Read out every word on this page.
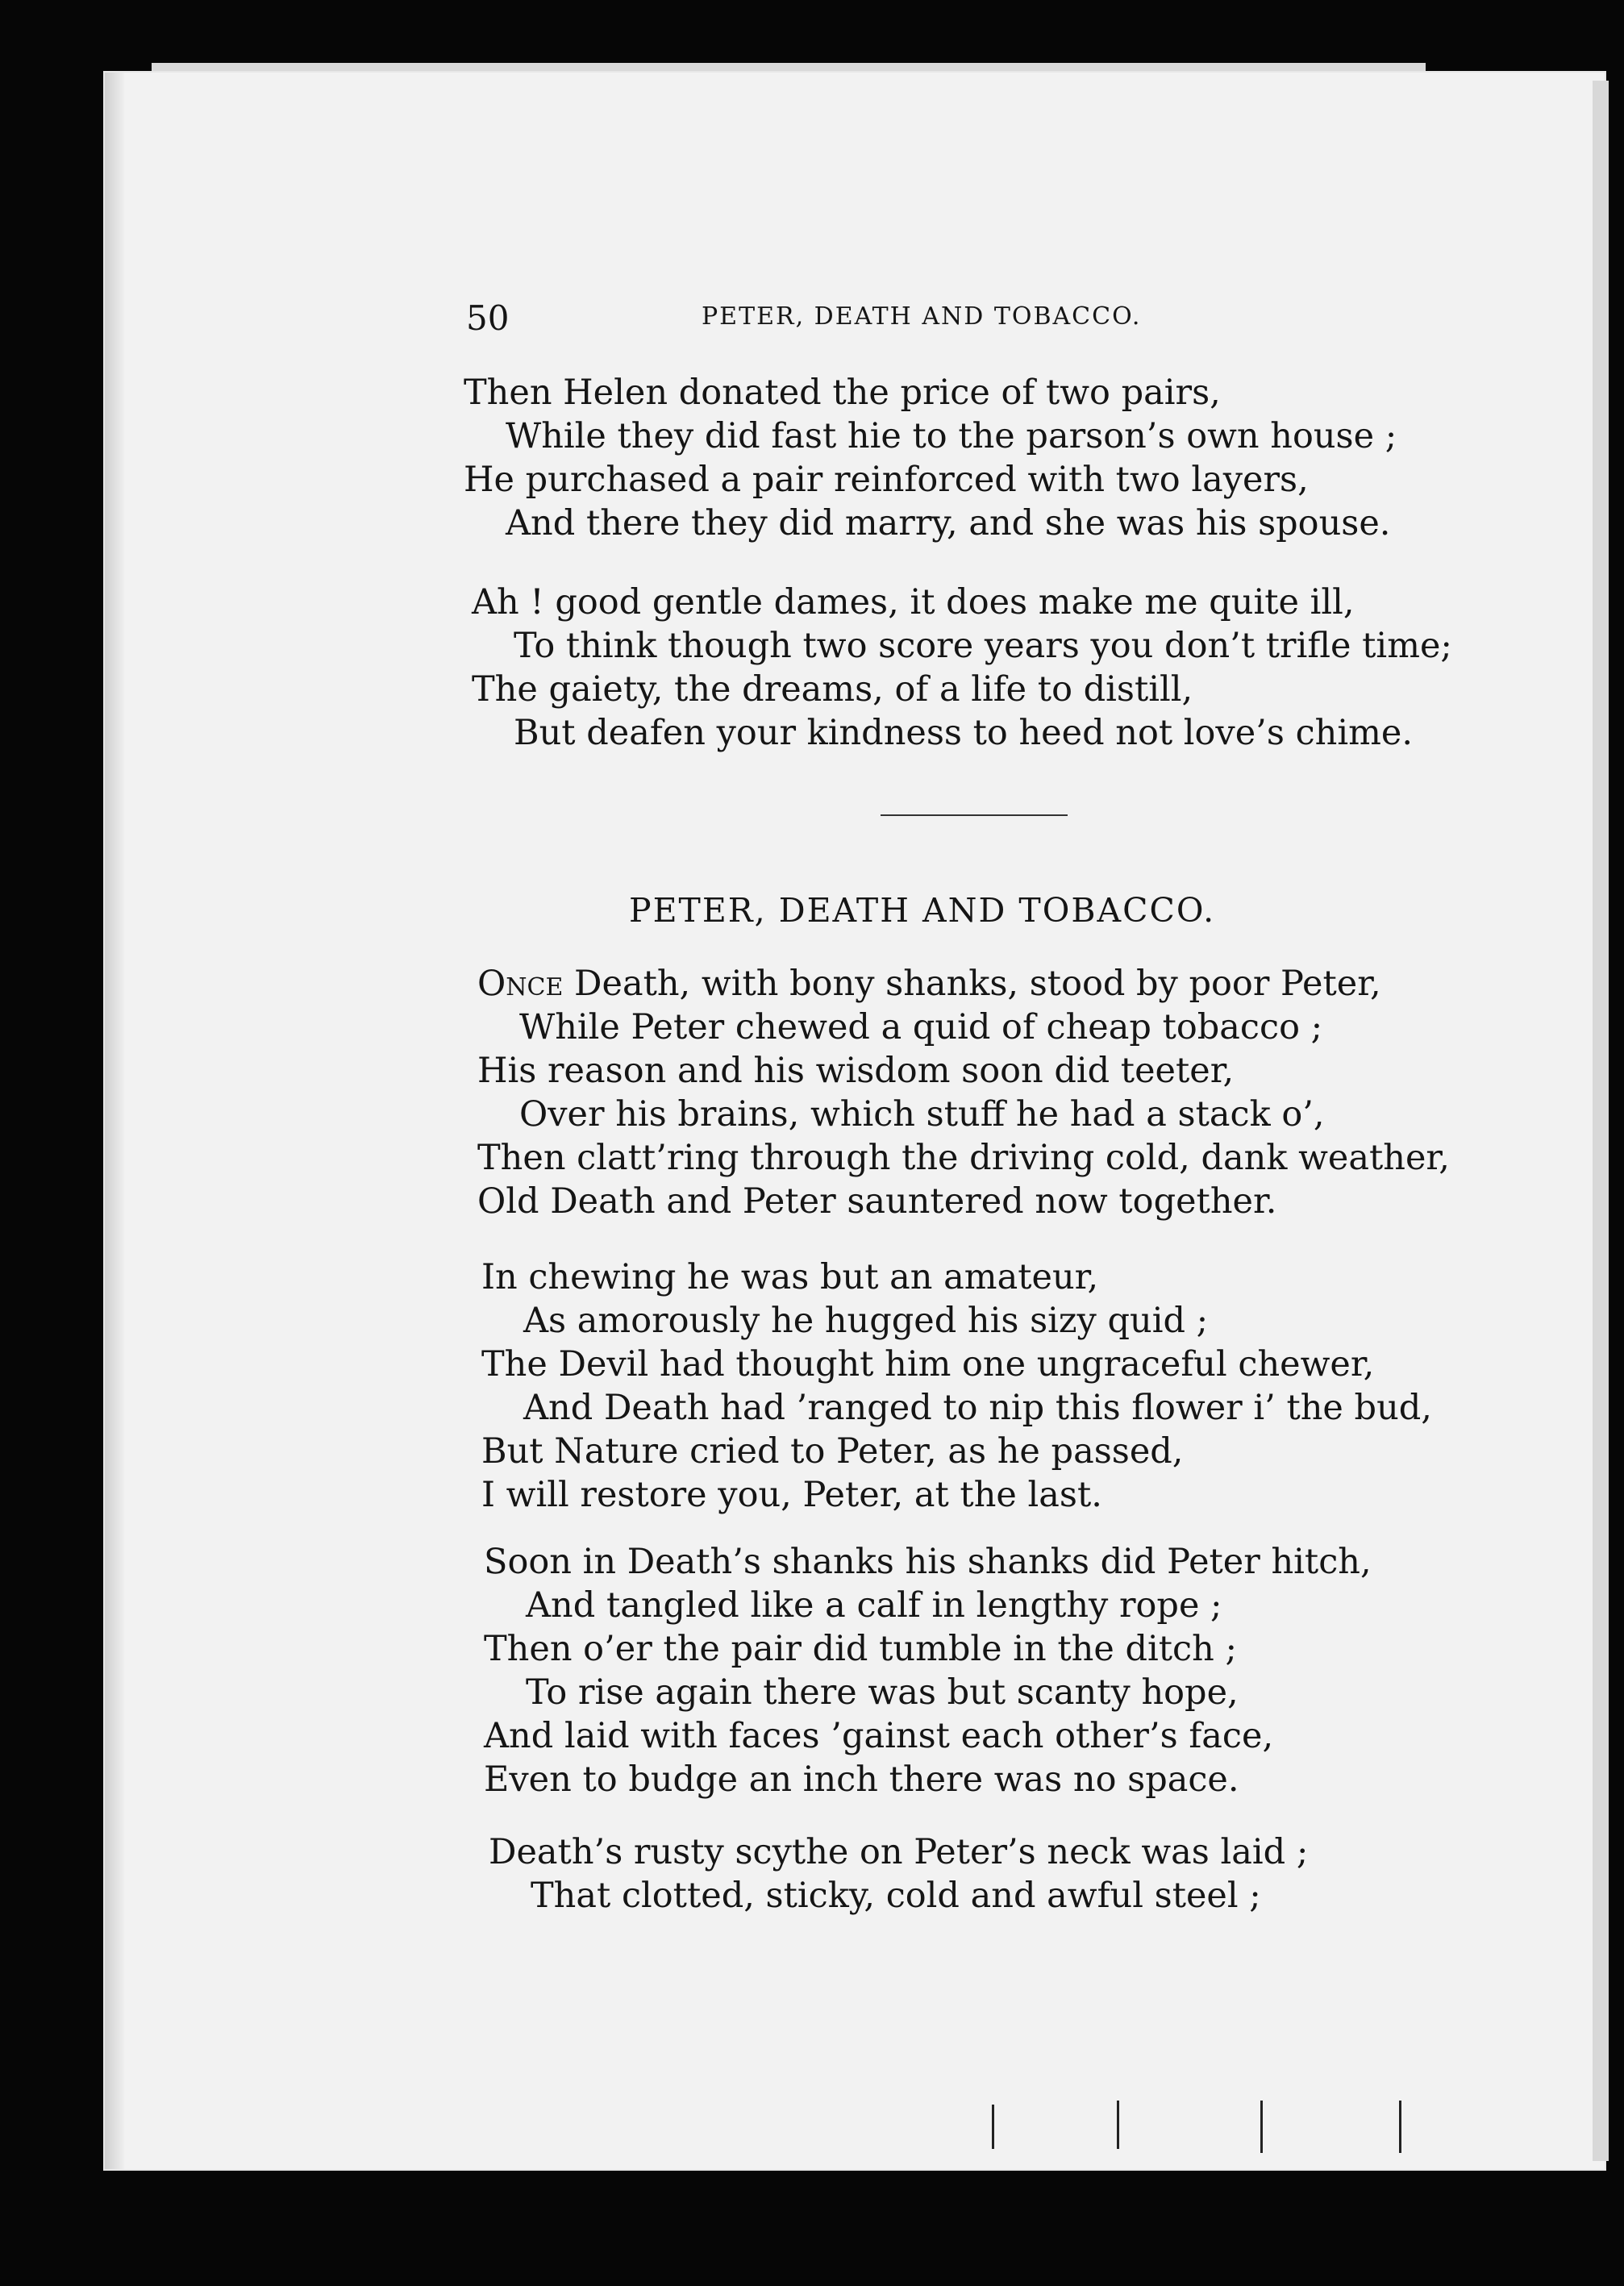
50	PETER, DEATH AND TOBACCO.
Then Helen donated the price of two pairs,
While they did fast hie to the parson’s own house ;
He purchased a pair reinforced with two layers,
And there they did marry, and she was his spouse.
Ah ! good gentle dames, it does make me quite ill,
To think though two score years you don’t trifle time;
The gaiety, the dreams, of a life to distill,
But deafen your kindness to heed not love’s chime.
PETER, DEATH AND TOBACCO.
Once Death, with bony shanks, stood by poor Peter,
While Peter chewed a quid of cheap tobacco ;
His reason and his wisdom soon did teeter,
Over his brains, which stuff he had a stack o’,
Then clatt’ring through the driving cold, dank weather,
Old Death and Peter sauntered now together.
In chewing he was but an amateur,
As amorously he hugged his sizy quid ;
The Devil had thought him one ungraceful chewer,
And Death had ’ranged to nip this flower i’ the bud,
But Nature cried to Peter, as he passed,
I will restore you, Peter, at the last.
Soon in Death’s shanks his shanks did Peter hitch,
And tangled like a calf in lengthy rope ;
Then o’er the pair did tumble in the ditch ;
To rise again there was but scanty hope,
And laid with faces ’gainst each other’s face,
Even to budge an inch there was no space.
Death’s rusty scythe on Peter’s neck was laid ;
That clotted, sticky, cold and awful steel ;
